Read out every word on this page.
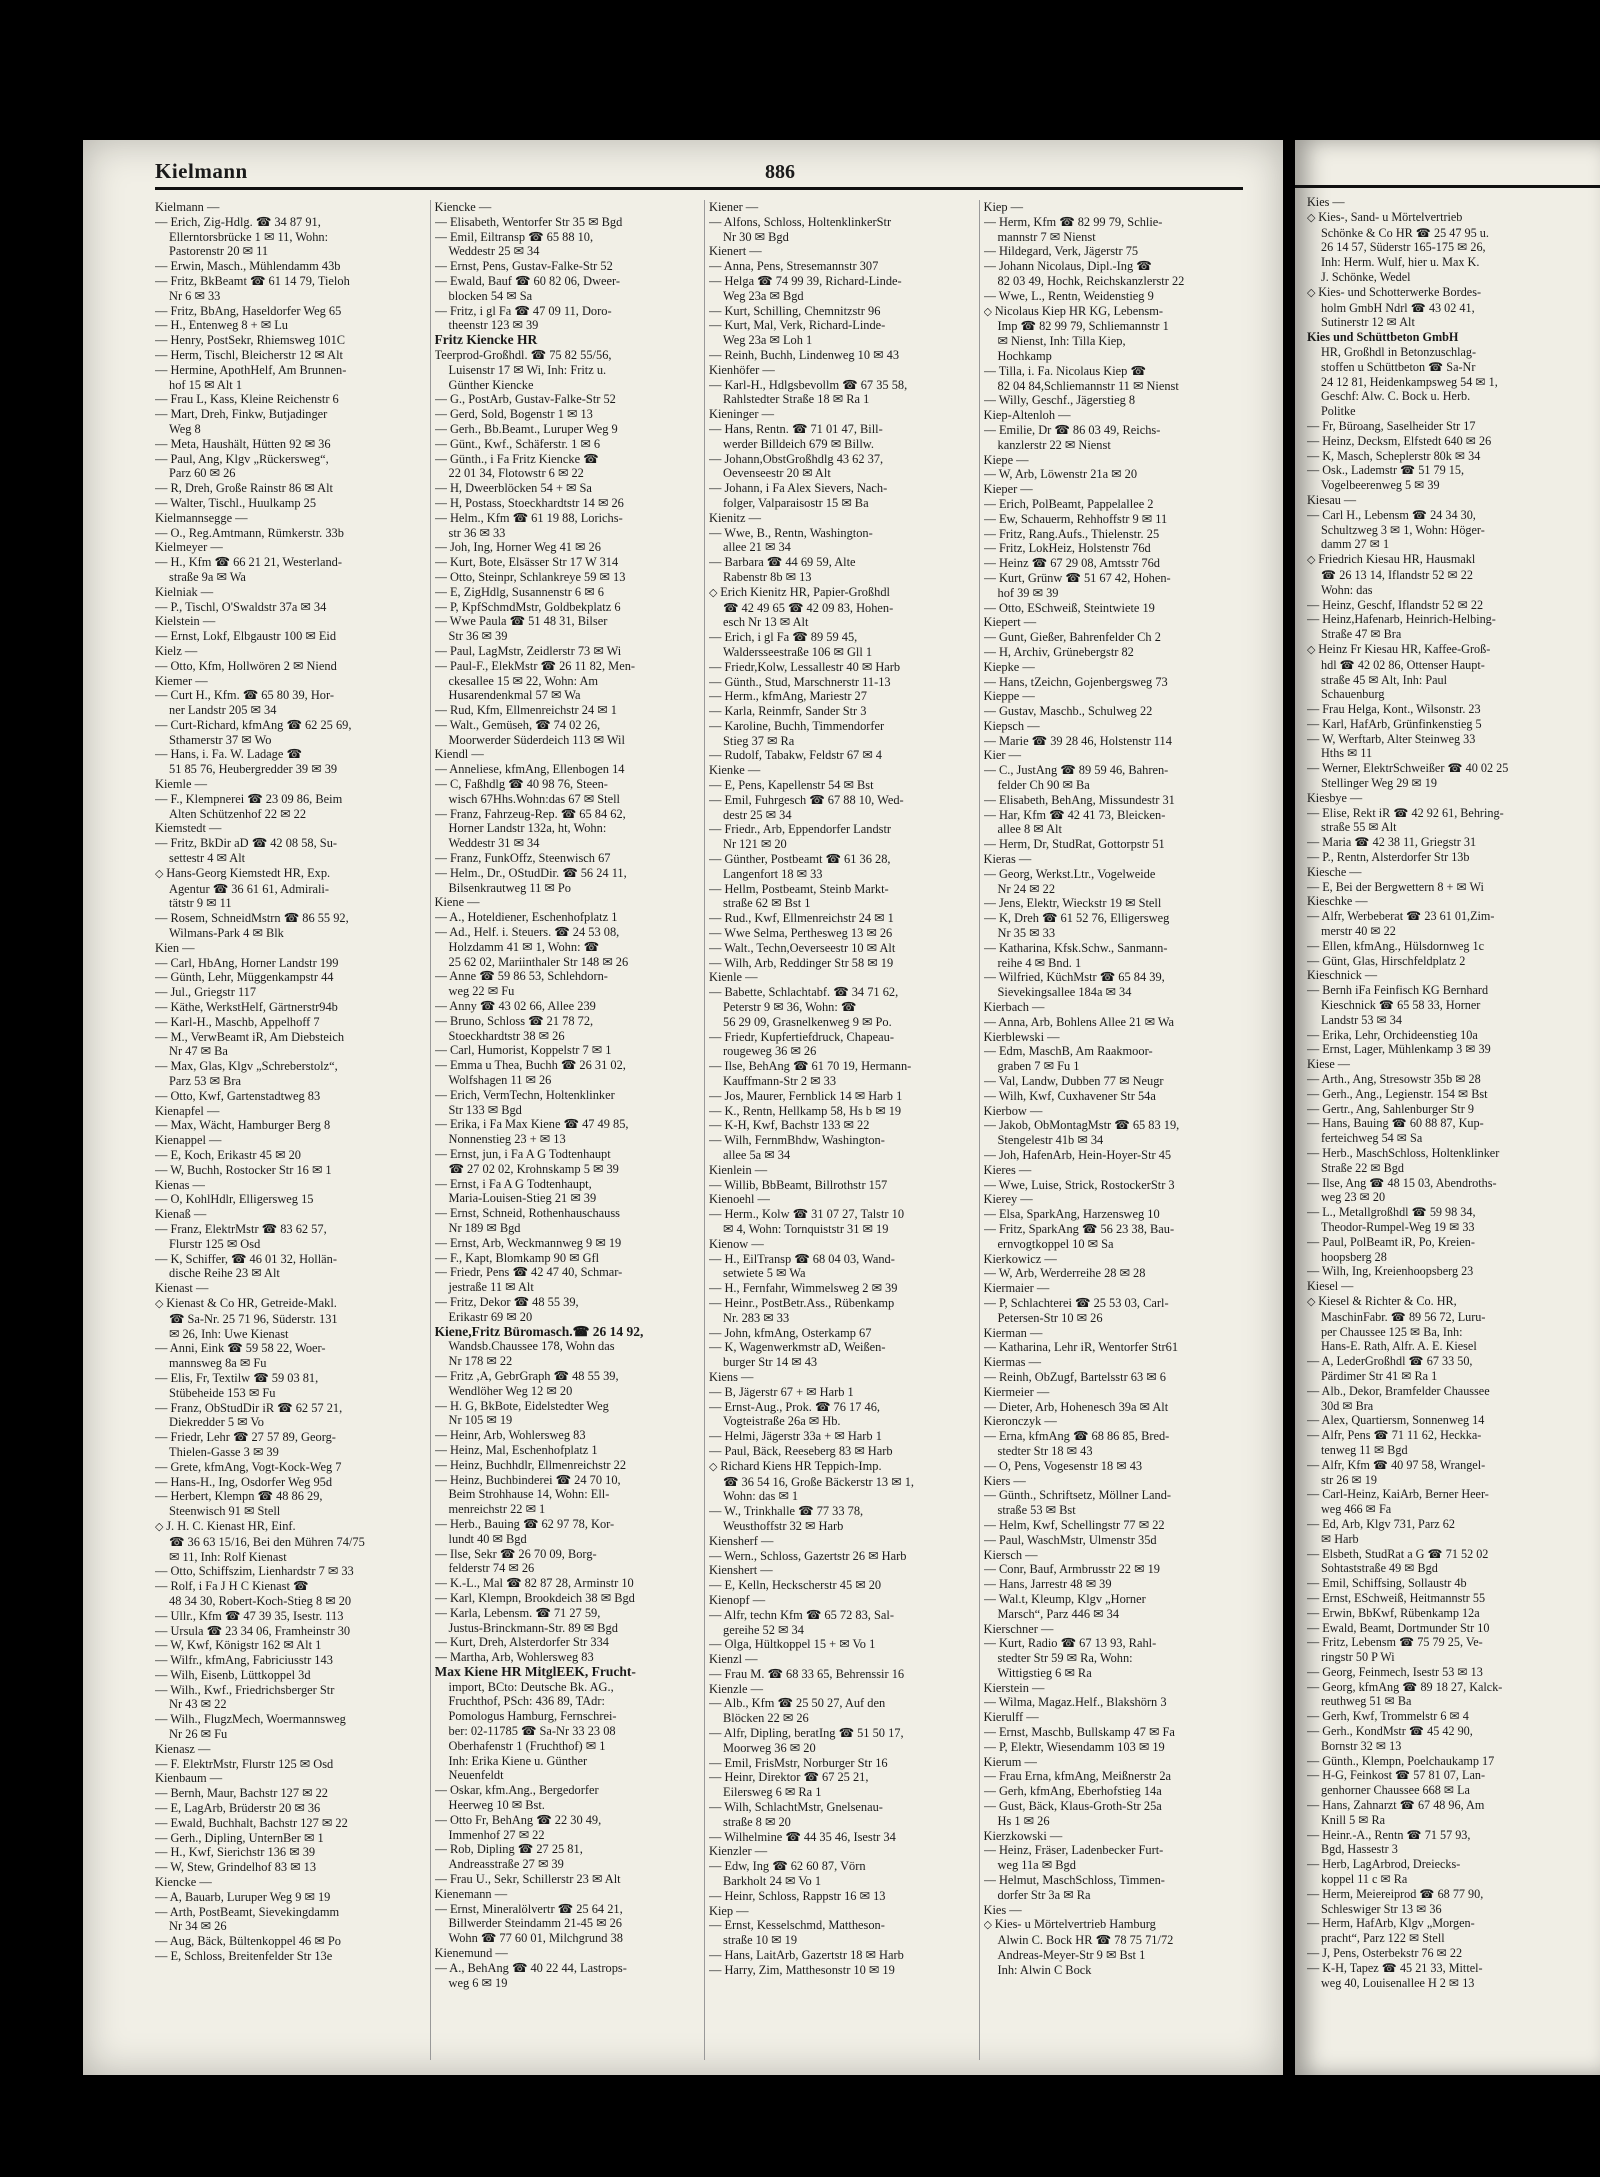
Kielmann	886
Kielmann —
— Erich, Zig-Hdlg. ☎ 34 87 91,
Ellerntorsbrücke 1 ✉ 11, Wohn:
Pastorenstr 20 ✉ 11
— Erwin, Masch., Mühlendamm 43b
— Fritz, BkBeamt ☎ 61 14 79, Tieloh
Nr 6 ✉ 33
— Fritz, BbAng, Haseldorfer Weg 65
— H., Entenweg 8 + ✉ Lu
— Henry, PostSekr, Rhiemsweg 101C
— Herm, Tischl, Bleicherstr 12 ✉ Alt
— Hermine, ApothHelf, Am Brunnen-
hof 15 ✉ Alt 1
— Frau L, Kass, Kleine Reichenstr 6
— Mart, Dreh, Finkw, Butjadinger
Weg 8
— Meta, Haushält, Hütten 92 ✉ 36
— Paul, Ang, Klgv „Rückersweg“,
Parz 60 ✉ 26
— R, Dreh, Große Rainstr 86 ✉ Alt
— Walter, Tischl., Huulkamp 25
Kielmannsegge —
— O., Reg.Amtmann, Rümkerstr. 33b
Kielmeyer —
— H., Kfm ☎ 66 21 21, Westerland-
straße 9a ✉ Wa
Kielniak —
— P., Tischl, O'Swaldstr 37a ✉ 34
Kielstein —
— Ernst, Lokf, Elbgaustr 100 ✉ Eid
Kielz —
— Otto, Kfm, Hollwören 2 ✉ Niend
Kiemer —
— Curt H., Kfm. ☎ 65 80 39, Hor-
ner Landstr 205 ✉ 34
— Curt-Richard, kfmAng ☎ 62 25 69,
Sthamerstr 37 ✉ Wo
— Hans, i. Fa. W. Ladage ☎
51 85 76, Heubergredder 39 ✉ 39
Kiemle —
— F., Klempnerei ☎ 23 09 86, Beim
Alten Schützenhof 22 ✉ 22
Kiemstedt —
— Fritz, BkDir aD ☎ 42 08 58, Su-
settestr 4 ✉ Alt
◇ Hans-Georg Kiemstedt HR, Exp.
Agentur ☎ 36 61 61, Admirali-
tätstr 9 ✉ 11
— Rosem, SchneidMstrn ☎ 86 55 92,
Wilmans-Park 4 ✉ Blk
Kien —
— Carl, HbAng, Horner Landstr 199
— Günth, Lehr, Müggenkampstr 44
— Jul., Griegstr 117
— Käthe, WerkstHelf, Gärtnerstr94b
— Karl-H., Maschb, Appelhoff 7
— M., VerwBeamt iR, Am Diebsteich
Nr 47 ✉ Ba
— Max, Glas, Klgv „Schreberstolz“,
Parz 53 ✉ Bra
— Otto, Kwf, Gartenstadtweg 83
Kienapfel —
— Max, Wächt, Hamburger Berg 8
Kienappel —
— E, Koch, Erikastr 45 ✉ 20
— W, Buchh, Rostocker Str 16 ✉ 1
Kienas —
— O, KohlHdlr, Elligersweg 15
Kienaß —
— Franz, ElektrMstr ☎ 83 62 57,
Flurstr 125 ✉ Osd
— K, Schiffer, ☎ 46 01 32, Hollän-
dische Reihe 23 ✉ Alt
Kienast —
◇ Kienast & Co HR, Getreide-Makl.
☎ Sa-Nr. 25 71 96, Süderstr. 131
✉ 26, Inh: Uwe Kienast
— Anni, Eink ☎ 59 58 22, Woer-
mannsweg 8a ✉ Fu
— Elis, Fr, Textilw ☎ 59 03 81,
Stübeheide 153 ✉ Fu
— Franz, ObStudDir iR ☎ 62 57 21,
Diekredder 5 ✉ Vo
— Friedr, Lehr ☎ 27 57 89, Georg-
Thielen-Gasse 3 ✉ 39
— Grete, kfmAng, Vogt-Kock-Weg 7
— Hans-H., Ing, Osdorfer Weg 95d
— Herbert, Klempn ☎ 48 86 29,
Steenwisch 91 ✉ Stell
◇ J. H. C. Kienast HR, Einf.
☎ 36 63 15/16, Bei den Mühren 74/75
✉ 11, Inh: Rolf Kienast
— Otto, Schiffszim, Lienhardstr 7 ✉ 33
— Rolf, i Fa J H C Kienast ☎
48 34 30, Robert-Koch-Stieg 8 ✉ 20
— Ullr., Kfm ☎ 47 39 35, Isestr. 113
— Ursula ☎ 23 34 06, Framheinstr 30
— W, Kwf, Königstr 162 ✉ Alt 1
— Wilfr., kfmAng, Fabriciusstr 143
— Wilh, Eisenb, Lüttkoppel 3d
— Wilh., Kwf., Friedrichsberger Str
Nr 43 ✉ 22
— Wilh., FlugzMech, Woermannsweg
Nr 26 ✉ Fu
Kienasz —
— F. ElektrMstr, Flurstr 125 ✉ Osd
Kienbaum —
— Bernh, Maur, Bachstr 127 ✉ 22
— E, LagArb, Brüderstr 20 ✉ 36
— Ewald, Buchhalt, Bachstr 127 ✉ 22
— Gerh., Dipling, UnternBer ✉ 1
— H., Kwf, Sierichstr 136 ✉ 39
— W, Stew, Grindelhof 83 ✉ 13
Kiencke —
— A, Bauarb, Luruper Weg 9 ✉ 19
— Arth, PostBeamt, Sievekingdamm
Nr 34 ✉ 26
— Aug, Bäck, Bültenkoppel 46 ✉ Po
— E, Schloss, Breitenfelder Str 13e
Kiencke —
— Elisabeth, Wentorfer Str 35 ✉ Bgd
— Emil, Eiltransp ☎ 65 88 10,
Weddestr 25 ✉ 34
— Ernst, Pens, Gustav-Falke-Str 52
— Ewald, Bauf ☎ 60 82 06, Dweer-
blocken 54 ✉ Sa
— Fritz, i gl Fa ☎ 47 09 11, Doro-
theenstr 123 ✉ 39
Fritz Kiencke HR
Teerprod-Großhdl. ☎ 75 82 55/56,
Luisenstr 17 ✉ Wi, Inh: Fritz u.
Günther Kiencke
— G., PostArb, Gustav-Falke-Str 52
— Gerd, Sold, Bogenstr 1 ✉ 13
— Gerh., Bb.Beamt., Luruper Weg 9
— Günt., Kwf., Schäferstr. 1 ✉ 6
— Günth., i Fa Fritz Kiencke ☎
22 01 34, Flotowstr 6 ✉ 22
— H, Dweerblöcken 54 + ✉ Sa
— H, Postass, Stoeckhardtstr 14 ✉ 26
— Helm., Kfm ☎ 61 19 88, Lorichs-
str 36 ✉ 33
— Joh, Ing, Horner Weg 41 ✉ 26
— Kurt, Bote, Elsässer Str 17 W 314
— Otto, Steinpr, Schlankreye 59 ✉ 13
— E, ZigHdlg, Susannenstr 6 ✉ 6
— P, KpfSchmdMstr, Goldbekplatz 6
— Wwe Paula ☎ 51 48 31, Bilser
Str 36 ✉ 39
— Paul, LagMstr, Zeidlerstr 73 ✉ Wi
— Paul-F., ElekMstr ☎ 26 11 82, Men-
ckesallee 15 ✉ 22, Wohn: Am
Husarendenkmal 57 ✉ Wa
— Rud, Kfm, Ellmenreichstr 24 ✉ 1
— Walt., Gemüseh, ☎ 74 02 26,
Moorwerder Süderdeich 113 ✉ Wil
Kiendl —
— Anneliese, kfmAng, Ellenbogen 14
— C, Faßhdlg ☎ 40 98 76, Steen-
wisch 67Hhs.Wohn:das 67 ✉ Stell
— Franz, Fahrzeug-Rep. ☎ 65 84 62,
Horner Landstr 132a, ht, Wohn:
Weddestr 31 ✉ 34
— Franz, FunkOffz, Steenwisch 67
— Helm., Dr., OStudDir. ☎ 56 24 11,
Bilsenkrautweg 11 ✉ Po
Kiene —
— A., Hoteldiener, Eschenhofplatz 1
— Ad., Helf. i. Steuers. ☎ 24 53 08,
Holzdamm 41 ✉ 1, Wohn: ☎
25 62 02, Mariinthaler Str 148 ✉ 26
— Anne ☎ 59 86 53, Schlehdorn-
weg 22 ✉ Fu
— Anny ☎ 43 02 66, Allee 239
— Bruno, Schloss ☎ 21 78 72,
Stoeckhardtstr 38 ✉ 26
— Carl, Humorist, Koppelstr 7 ✉ 1
— Emma u Thea, Buchh ☎ 26 31 02,
Wolfshagen 11 ✉ 26
— Erich, VermTechn, Holtenklinker
Str 133 ✉ Bgd
— Erika, i Fa Max Kiene ☎ 47 49 85,
Nonnenstieg 23 + ✉ 13
— Ernst, jun, i Fa A G Todtenhaupt
☎ 27 02 02, Krohnskamp 5 ✉ 39
— Ernst, i Fa A G Todtenhaupt,
Maria-Louisen-Stieg 21 ✉ 39
— Ernst, Schneid, Rothenhauschauss
Nr 189 ✉ Bgd
— Ernst, Arb, Weckmannweg 9 ✉ 19
— F., Kapt, Blomkamp 90 ✉ Gfl
— Friedr, Pens ☎ 42 47 40, Schmar-
jestraße 11 ✉ Alt
— Fritz, Dekor ☎ 48 55 39,
Erikastr 69 ✉ 20
Kiene,Fritz Büromasch.☎ 26 14 92,
Wandsb.Chaussee 178, Wohn das
Nr 178 ✉ 22
— Fritz ,A, GebrGraph ☎ 48 55 39,
Wendlöher Weg 12 ✉ 20
— H. G, BkBote, Eidelstedter Weg
Nr 105 ✉ 19
— Heinr, Arb, Wohlersweg 83
— Heinz, Mal, Eschenhofplatz 1
— Heinz, Buchhdlr, Ellmenreichstr 22
— Heinz, Buchbinderei ☎ 24 70 10,
Beim Strohhause 14, Wohn: Ell-
menreichstr 22 ✉ 1
— Herb., Bauing ☎ 62 97 78, Kor-
lundt 40 ✉ Bgd
— Ilse, Sekr ☎ 26 70 09, Borg-
felderstr 74 ✉ 26
— K.-L., Mal ☎ 82 87 28, Arminstr 10
— Karl, Klempn, Brookdeich 38 ✉ Bgd
— Karla, Lebensm. ☎ 71 27 59,
Justus-Brinckmann-Str. 89 ✉ Bgd
— Kurt, Dreh, Alsterdorfer Str 334
— Martha, Arb, Wohlersweg 83
Max Kiene HR MitglEEK, Frucht-
import, BCto: Deutsche Bk. AG.,
Fruchthof, PSch: 436 89, TAdr:
Pomologus Hamburg, Fernschrei-
ber: 02-11785 ☎ Sa-Nr 33 23 08
Oberhafenstr 1 (Fruchthof) ✉ 1
Inh: Erika Kiene u. Günther
Neuenfeldt
— Oskar, kfm.Ang., Bergedorfer
Heerweg 10 ✉ Bst.
— Otto Fr, BehAng ☎ 22 30 49,
Immenhof 27 ✉ 22
— Rob, Dipling ☎ 27 25 81,
Andreasstraße 27 ✉ 39
— Frau U., Sekr, Schillerstr 23 ✉ Alt
Kienemann —
— Ernst, Mineralölvertr ☎ 25 64 21,
Billwerder Steindamm 21-45 ✉ 26
Wohn ☎ 77 60 01, Milchgrund 38
Kienemund —
— A., BehAng ☎ 40 22 44, Lastrops-
weg 6 ✉ 19
Kiener —
— Alfons, Schloss, HoltenklinkerStr
Nr 30 ✉ Bgd
Kienert —
— Anna, Pens, Stresemannstr 307
— Helga ☎ 74 99 39, Richard-Linde-
Weg 23a ✉ Bgd
— Kurt, Schilling, Chemnitzstr 96
— Kurt, Mal, Verk, Richard-Linde-
Weg 23a ✉ Loh 1
— Reinh, Buchh, Lindenweg 10 ✉ 43
Kienhöfer —
— Karl-H., Hdlgsbevollm ☎ 67 35 58,
Rahlstedter Straße 18 ✉ Ra 1
Kieninger —
— Hans, Rentn. ☎ 71 01 47, Bill-
werder Billdeich 679 ✉ Billw.
— Johann,ObstGroßhdlg 43 62 37,
Oevenseestr 20 ✉ Alt
— Johann, i Fa Alex Sievers, Nach-
folger, Valparaisostr 15 ✉ Ba
Kienitz —
— Wwe, B., Rentn, Washington-
allee 21 ✉ 34
— Barbara ☎ 44 69 59, Alte
Rabenstr 8b ✉ 13
◇ Erich Kienitz HR, Papier-Großhdl
☎ 42 49 65 ☎ 42 09 83, Hohen-
esch Nr 13 ✉ Alt
— Erich, i gl Fa ☎ 89 59 45,
Waldersseestraße 106 ✉ Gll 1
— Friedr,Kolw, Lessallestr 40 ✉ Harb
— Günth., Stud, Marschnerstr 11-13
— Herm., kfmAng, Mariestr 27
— Karla, Reinmfr, Sander Str 3
— Karoline, Buchh, Timmendorfer
Stieg 37 ✉ Ra
— Rudolf, Tabakw, Feldstr 67 ✉ 4
Kienke —
— E, Pens, Kapellenstr 54 ✉ Bst
— Emil, Fuhrgesch ☎ 67 88 10, Wed-
destr 25 ✉ 34
— Friedr., Arb, Eppendorfer Landstr
Nr 121 ✉ 20
— Günther, Postbeamt ☎ 61 36 28,
Langenfort 18 ✉ 33
— Hellm, Postbeamt, Steinb Markt-
straße 62 ✉ Bst 1
— Rud., Kwf, Ellmenreichstr 24 ✉ 1
— Wwe Selma, Perthesweg 13 ✉ 26
— Walt., Techn,Oeverseestr 10 ✉ Alt
— Wilh, Arb, Reddinger Str 58 ✉ 19
Kienle —
— Babette, Schlachtabf. ☎ 34 71 62,
Peterstr 9 ✉ 36, Wohn: ☎
56 29 09, Grasnelkenweg 9 ✉ Po.
— Friedr, Kupfertiefdruck, Chapeau-
rougeweg 36 ✉ 26
— Ilse, BehAng ☎ 61 70 19, Hermann-
Kauffmann-Str 2 ✉ 33
— Jos, Maurer, Fernblick 14 ✉ Harb 1
— K., Rentn, Hellkamp 58, Hs b ✉ 19
— K-H, Kwf, Bachstr 133 ✉ 22
— Wilh, FernmBhdw, Washington-
allee 5a ✉ 34
Kienlein —
— Willib, BbBeamt, Billrothstr 157
Kienoehl —
— Herm., Kolw ☎ 31 07 27, Talstr 10
✉ 4, Wohn: Tornquiststr 31 ✉ 19
Kienow —
— H., EilTransp ☎ 68 04 03, Wand-
setwiete 5 ✉ Wa
— H., Fernfahr, Wimmelsweg 2 ✉ 39
— Heinr., PostBetr.Ass., Rübenkamp
Nr. 283 ✉ 33
— John, kfmAng, Osterkamp 67
— K, Wagenwerkmstr aD, Weißen-
burger Str 14 ✉ 43
Kiens —
— B, Jägerstr 67 + ✉ Harb 1
— Ernst-Aug., Prok. ☎ 76 17 46,
Vogteistraße 26a ✉ Hb.
— Helmi, Jägerstr 33a + ✉ Harb 1
— Paul, Bäck, Reeseberg 83 ✉ Harb
◇ Richard Kiens HR Teppich-Imp.
☎ 36 54 16, Große Bäckerstr 13 ✉ 1,
Wohn: das ✉ 1
— W., Trinkhalle ☎ 77 33 78,
Weusthoffstr 32 ✉ Harb
Kiensherf —
— Wern., Schloss, Gazertstr 26 ✉ Harb
Kienshert —
— E, Kelln, Heckscherstr 45 ✉ 20
Kienopf —
— Alfr, techn Kfm ☎ 65 72 83, Sal-
gereihe 52 ✉ 34
— Olga, Hültkoppel 15 + ✉ Vo 1
Kienzl —
— Frau M. ☎ 68 33 65, Behrenssir 16
Kienzle —
— Alb., Kfm ☎ 25 50 27, Auf den
Blöcken 22 ✉ 26
— Alfr, Dipling, beratIng ☎ 51 50 17,
Moorweg 36 ✉ 20
— Emil, FrisMstr, Norburger Str 16
— Heinr, Direktor ☎ 67 25 21,
Eilersweg 6 ✉ Ra 1
— Wilh, SchlachtMstr, Gnelsenau-
straße 8 ✉ 20
— Wilhelmine ☎ 44 35 46, Isestr 34
Kienzler —
— Edw, Ing ☎ 62 60 87, Vörn
Barkholt 24 ✉ Vo 1
— Heinr, Schloss, Rappstr 16 ✉ 13
Kiep —
— Ernst, Kesselschmd, Mattheson-
straße 10 ✉ 19
— Hans, LaitArb, Gazertstr 18 ✉ Harb
— Harry, Zim, Matthesonstr 10 ✉ 19
Kiep —
— Herm, Kfm ☎ 82 99 79, Schlie-
mannstr 7 ✉ Nienst
— Hildegard, Verk, Jägerstr 75
— Johann Nicolaus, Dipl.-Ing ☎
82 03 49, Hochk, Reichskanzlerstr 22
— Wwe, L., Rentn, Weidenstieg 9
◇ Nicolaus Kiep HR KG, Lebensm-
Imp ☎ 82 99 79, Schliemannstr 1
✉ Nienst, Inh: Tilla Kiep,
Hochkamp
— Tilla, i. Fa. Nicolaus Kiep ☎
82 04 84,Schliemannstr 11 ✉ Nienst
— Willy, Geschf., Jägerstieg 8
Kiep-Altenloh —
— Emilie, Dr ☎ 86 03 49, Reichs-
kanzlerstr 22 ✉ Nienst
Kiepe —
— W, Arb, Löwenstr 21a ✉ 20
Kieper —
— Erich, PolBeamt, Pappelallee 2
— Ew, Schauerm, Rehhoffstr 9 ✉ 11
— Fritz, Rang.Aufs., Thielenstr. 25
— Fritz, LokHeiz, Holstenstr 76d
— Heinz ☎ 67 29 08, Amtsstr 76d
— Kurt, Grünw ☎ 51 67 42, Hohen-
hof 39 ✉ 39
— Otto, ESchweiß, Steintwiete 19
Kiepert —
— Gunt, Gießer, Bahrenfelder Ch 2
— H, Archiv, Grünebergstr 82
Kiepke —
— Hans, tZeichn, Gojenbergsweg 73
Kieppe —
— Gustav, Maschb., Schulweg 22
Kiepsch —
— Marie ☎ 39 28 46, Holstenstr 114
Kier —
— C., JustAng ☎ 89 59 46, Bahren-
felder Ch 90 ✉ Ba
— Elisabeth, BehAng, Missundestr 31
— Har, Kfm ☎ 42 41 73, Bleicken-
allee 8 ✉ Alt
— Herm, Dr, StudRat, Gottorpstr 51
Kieras —
— Georg, Werkst.Ltr., Vogelweide
Nr 24 ✉ 22
— Jens, Elektr, Wieckstr 19 ✉ Stell
— K, Dreh ☎ 61 52 76, Elligersweg
Nr 35 ✉ 33
— Katharina, Kfsk.Schw., Sanmann-
reihe 4 ✉ Bnd. 1
— Wilfried, KüchMstr ☎ 65 84 39,
Sievekingsallee 184a ✉ 34
Kierbach —
— Anna, Arb, Bohlens Allee 21 ✉ Wa
Kierblewski —
— Edm, MaschB, Am Raakmoor-
graben 7 ✉ Fu 1
— Val, Landw, Dubben 77 ✉ Neugr
— Wilh, Kwf, Cuxhavener Str 54a
Kierbow —
— Jakob, ObMontagMstr ☎ 65 83 19,
Stengelestr 41b ✉ 34
— Joh, HafenArb, Hein-Hoyer-Str 45
Kieres —
— Wwe, Luise, Strick, RostockerStr 3
Kierey —
— Elsa, SparkAng, Harzensweg 10
— Fritz, SparkAng ☎ 56 23 38, Bau-
ernvogtkoppel 10 ✉ Sa
Kierkowicz —
— W, Arb, Werderreihe 28 ✉ 28
Kiermaier —
— P, Schlachterei ☎ 25 53 03, Carl-
Petersen-Str 10 ✉ 26
Kierman —
— Katharina, Lehr iR, Wentorfer Str61
Kiermas —
— Reinh, ObZugf, Bartelsstr 63 ✉ 6
Kiermeier —
— Dieter, Arb, Hohenesch 39a ✉ Alt
Kieronczyk —
— Erna, kfmAng ☎ 68 86 85, Bred-
stedter Str 18 ✉ 43
— O, Pens, Vogesenstr 18 ✉ 43
Kiers —
— Günth., Schriftsetz, Möllner Land-
straße 53 ✉ Bst
— Helm, Kwf, Schellingstr 77 ✉ 22
— Paul, WaschMstr, Ulmenstr 35d
Kiersch —
— Conr, Bauf, Armbrusstr 22 ✉ 19
— Hans, Jarrestr 48 ✉ 39
— Wal.t, Kleump, Klgv „Horner
Marsch“, Parz 446 ✉ 34
Kierschner —
— Kurt, Radio ☎ 67 13 93, Rahl-
stedter Str 59 ✉ Ra, Wohn:
Wittigstieg 6 ✉ Ra
Kierstein —
— Wilma, Magaz.Helf., Blakshörn 3
Kierulff —
— Ernst, Maschb, Bullskamp 47 ✉ Fa
— P, Elektr, Wiesendamm 103 ✉ 19
Kierum —
— Frau Erna, kfmAng, Meißnerstr 2a
— Gerh, kfmAng, Eberhofstieg 14a
— Gust, Bäck, Klaus-Groth-Str 25a
Hs 1 ✉ 26
Kierzkowski —
— Heinz, Fräser, Ladenbecker Furt-
weg 11a ✉ Bgd
— Helmut, MaschSchloss, Timmen-
dorfer Str 3a ✉ Ra
Kies —
◇ Kies- u Mörtelvertrieb Hamburg
Alwin C. Bock HR ☎ 78 75 71/72
Andreas-Meyer-Str 9 ✉ Bst 1
Inh: Alwin C Bock
Kies —
◇ Kies-, Sand- u Mörtelvertrieb
Schönke & Co HR ☎ 25 47 95 u.
26 14 57, Süderstr 165-175 ✉ 26,
Inh: Herm. Wulf, hier u. Max K.
J. Schönke, Wedel
◇ Kies- und Schotterwerke Bordes-
holm GmbH Ndrl ☎ 43 02 41,
Sutinerstr 12 ✉ Alt
Kies und Schüttbeton GmbH
HR, Großhdl in Betonzuschlag-
stoffen u Schüttbeton ☎ Sa-Nr
24 12 81, Heidenkampsweg 54 ✉ 1,
Geschf: Alw. C. Bock u. Herb.
Politke
— Fr, Büroang, Saselheider Str 17
— Heinz, Decksm, Elfstedt 640 ✉ 26
— K, Masch, Scheplerstr 80k ✉ 34
— Osk., Lademstr ☎ 51 79 15,
Vogelbeerenweg 5 ✉ 39
Kiesau —
— Carl H., Lebensm ☎ 24 34 30,
Schultzweg 3 ✉ 1, Wohn: Höger-
damm 27 ✉ 1
◇ Friedrich Kiesau HR, Hausmakl
☎ 26 13 14, Iflandstr 52 ✉ 22
Wohn: das
— Heinz, Geschf, Iflandstr 52 ✉ 22
— Heinz,Hafenarb, Heinrich-Helbing-
Straße 47 ✉ Bra
◇ Heinz Fr Kiesau HR, Kaffee-Groß-
hdl ☎ 42 02 86, Ottenser Haupt-
straße 45 ✉ Alt, Inh: Paul
Schauenburg
— Frau Helga, Kont., Wilsonstr. 23
— Karl, HafArb, Grünfinkenstieg 5
— W, Werftarb, Alter Steinweg 33
Hths ✉ 11
— Werner, ElektrSchweißer ☎ 40 02 25
Stellinger Weg 29 ✉ 19
Kiesbye —
— Elise, Rekt iR ☎ 42 92 61, Behring-
straße 55 ✉ Alt
— Maria ☎ 42 38 11, Griegstr 31
— P., Rentn, Alsterdorfer Str 13b
Kiesche —
— E, Bei der Bergwettern 8 + ✉ Wi
Kieschke —
— Alfr, Werbeberat ☎ 23 61 01,Zim-
merstr 40 ✉ 22
— Ellen, kfmAng., Hülsdornweg 1c
— Günt, Glas, Hirschfeldplatz 2
Kieschnick —
— Bernh iFa Feinfisch KG Bernhard
Kieschnick ☎ 65 58 33, Horner
Landstr 53 ✉ 34
— Erika, Lehr, Orchideenstieg 10a
— Ernst, Lager, Mühlenkamp 3 ✉ 39
Kiese —
— Arth., Ang, Stresowstr 35b ✉ 28
— Gerh., Ang., Legienstr. 154 ✉ Bst
— Gertr., Ang, Sahlenburger Str 9
— Hans, Bauing ☎ 60 88 87, Kup-
ferteichweg 54 ✉ Sa
— Herb., MaschSchloss, Holtenklinker
Straße 22 ✉ Bgd
— Ilse, Ang ☎ 48 15 03, Abendroths-
weg 23 ✉ 20
— L., Metallgroßhdl ☎ 59 98 34,
Theodor-Rumpel-Weg 19 ✉ 33
— Paul, PolBeamt iR, Po, Kreien-
hoopsberg 28
— Wilh, Ing, Kreienhoopsberg 23
Kiesel —
◇ Kiesel & Richter & Co. HR,
MaschinFabr. ☎ 89 56 72, Luru-
per Chaussee 125 ✉ Ba, Inh:
Hans-E. Rath, Alfr. A. E. Kiesel
— A, LederGroßhdl ☎ 67 33 50,
Pärdimer Str 41 ✉ Ra 1
— Alb., Dekor, Bramfelder Chaussee
30d ✉ Bra
— Alex, Quartiersm, Sonnenweg 14
— Alfr, Pens ☎ 71 11 62, Heckka-
tenweg 11 ✉ Bgd
— Alfr, Kfm ☎ 40 97 58, Wrangel-
str 26 ✉ 19
— Carl-Heinz, KaiArb, Berner Heer-
weg 466 ✉ Fa
— Ed, Arb, Klgv 731, Parz 62
✉ Harb
— Elsbeth, StudRat a G ☎ 71 52 02
Sohtaststraße 49 ✉ Bgd
— Emil, Schiffsing, Sollaustr 4b
— Ernst, ESchweiß, Heitmannstr 55
— Erwin, BbKwf, Rübenkamp 12a
— Ewald, Beamt, Dortmunder Str 10
— Fritz, Lebensm ☎ 75 79 25, Ve-
ringstr 50 P Wi
— Georg, Feinmech, Isestr 53 ✉ 13
— Georg, kfmAng ☎ 89 18 27, Kalck-
reuthweg 51 ✉ Ba
— Gerh, Kwf, Trommelstr 6 ✉ 4
— Gerh., KondMstr ☎ 45 42 90,
Bornstr 32 ✉ 13
— Günth., Klempn, Poelchaukamp 17
— H-G, Feinkost ☎ 57 81 07, Lan-
genhorner Chaussee 668 ✉ La
— Hans, Zahnarzt ☎ 67 48 96, Am
Knill 5 ✉ Ra
— Heinr.-A., Rentn ☎ 71 57 93,
Bgd, Hassestr 3
— Herb, LagArbrod, Dreiecks-
koppel 11 c ✉ Ra
— Herm, Meiereiprod ☎ 68 77 90,
Schleswiger Str 13 ✉ 36
— Herm, HafArb, Klgv „Morgen-
pracht“, Parz 122 ✉ Stell
— J, Pens, Osterbekstr 76 ✉ 22
— K-H, Tapez ☎ 45 21 33, Mittel-
weg 40, Louisenallee H 2 ✉ 13
